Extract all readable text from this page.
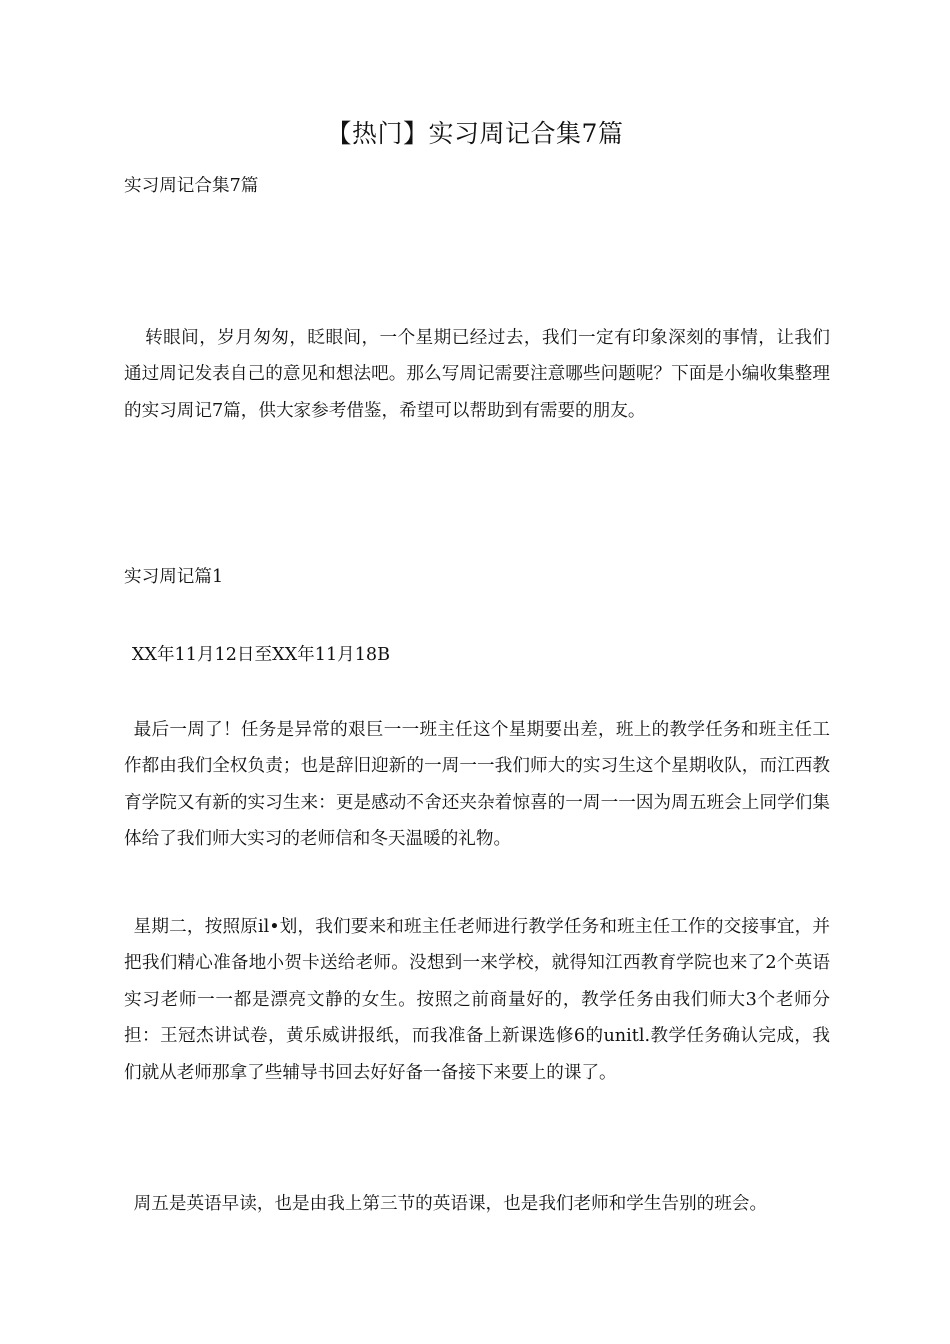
【热门】实习周记合集7篇
实习周记合集7篇
转眼间，岁月匆匆，眨眼间，一个星期已经过去，我们一定有印象深刻的事情，让我们通过周记发表自己的意见和想法吧。那么写周记需要注意哪些问题呢？下面是小编收集整理的实习周记7篇，供大家参考借鉴，希望可以帮助到有需要的朋友。
实习周记篇1
XX年11月12日至XX年11月18B
最后一周了！任务是异常的艰巨一一班主任这个星期要出差，班上的教学任务和班主任工作都由我们全权负责；也是辞旧迎新的一周一一我们师大的实习生这个星期收队，而江西教育学院又有新的实习生来：更是感动不舍还夹杂着惊喜的一周一一因为周五班会上同学们集体给了我们师大实习的老师信和冬天温暖的礼物。
星期二，按照原il•划，我们要来和班主任老师进行教学任务和班主任工作的交接事宜，并把我们精心准备地小贺卡送给老师。没想到一来学校，就得知江西教育学院也来了2个英语实习老师一一都是漂亮文静的女生。按照之前商量好的，教学任务由我们师大3个老师分担：王冠杰讲试卷，黄乐威讲报纸，而我准备上新课选修6的unitl.教学任务确认完成，我们就从老师那拿了些辅导书回去好好备一备接下来要上的课了。
周五是英语早读，也是由我上第三节的英语课，也是我们老师和学生告别的班会。
